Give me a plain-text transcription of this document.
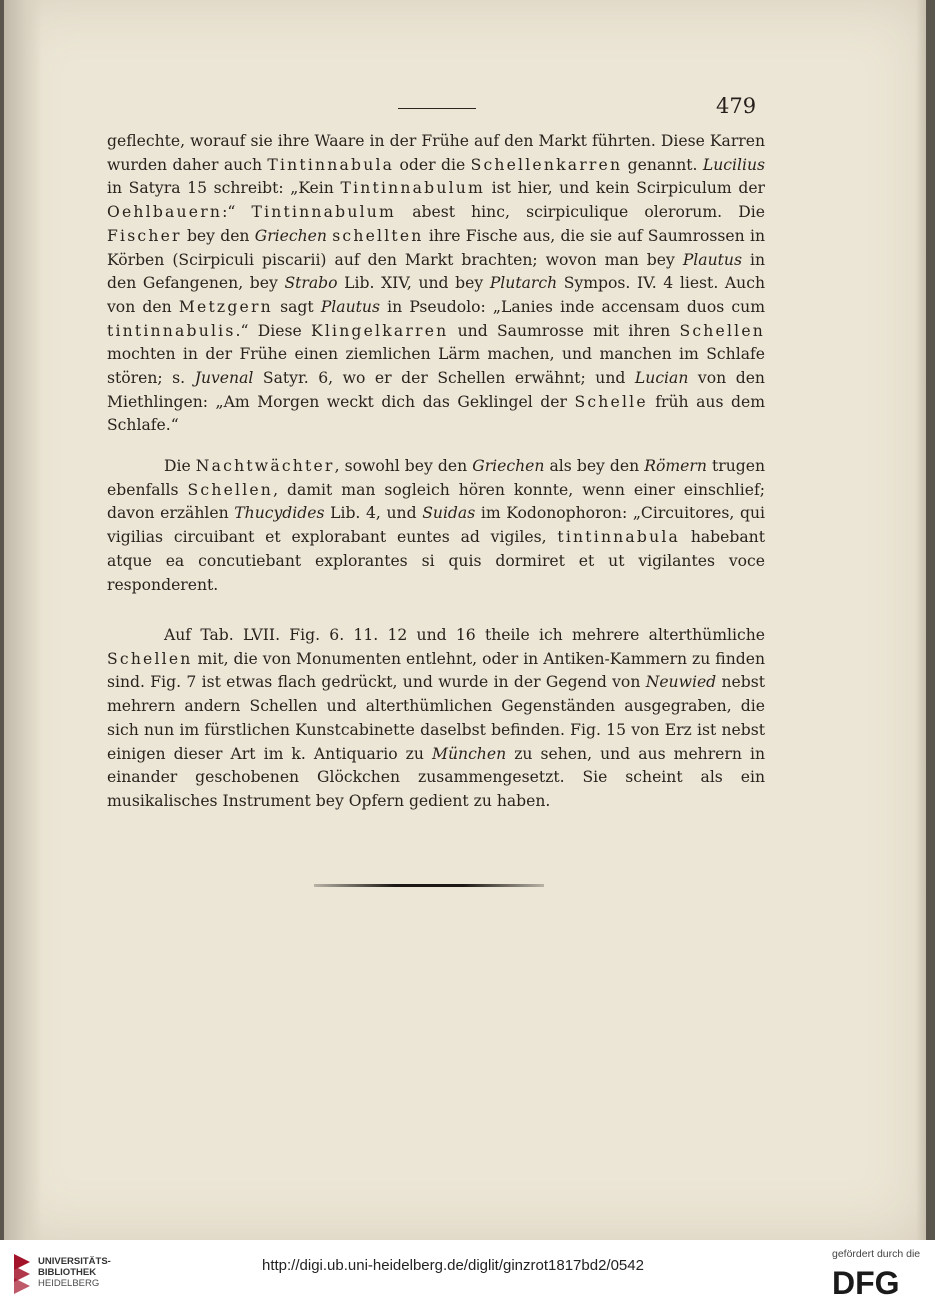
479
geflechte, worauf sie ihre Waare in der Frühe auf den Markt führten. Diese Karren wurden daher auch Tintinnabula oder die Schellenkarren genannt. Lucilius in Satyra 15 schreibt: „Kein Tintinnabulum ist hier, und kein Scirpiculum der Oehlbauern:“ Tintinnabulum abest hinc, scirpiculique olerorum. Die Fischer bey den Griechen schellten ihre Fische aus, die sie auf Saumrossen in Körben (Scirpiculi piscarii) auf den Markt brachten; wovon man bey Plautus in den Gefangenen, bey Strabo Lib. XIV, und bey Plutarch Sympos. IV. 4 liest. Auch von den Metzgern sagt Plautus in Pseudolo: „Lanies inde accensam duos cum tintinnabulis.“ Diese Klingelkarren und Saumrosse mit ihren Schellen mochten in der Frühe einen ziemlichen Lärm machen, und manchen im Schlafe stören; s. Juvenal Satyr. 6, wo er der Schellen erwähnt; und Lucian von den Miethlingen: „Am Morgen weckt dich das Geklingel der Schelle früh aus dem Schlafe.“
Die Nachtwächter, sowohl bey den Griechen als bey den Römern trugen ebenfalls Schellen, damit man sogleich hören konnte, wenn einer einschlief; davon erzählen Thucydides Lib. 4, und Suidas im Kodonophoron: „Circuitores, qui vigilias circuibant et explorabant euntes ad vigiles, tintinnabula habebant atque ea concutiebant explorantes si quis dormiret et ut vigilantes voce responderent.
Auf Tab. LVII. Fig. 6. 11. 12 und 16 theile ich mehrere alterthümliche Schellen mit, die von Monumenten entlehnt, oder in Antiken-Kammern zu finden sind. Fig. 7 ist etwas flach gedrückt, und wurde in der Gegend von Neuwied nebst mehrern andern Schellen und alterthümlichen Gegenständen ausgegraben, die sich nun im fürstlichen Kunstcabinette daselbst befinden. Fig. 15 von Erz ist nebst einigen dieser Art im k. Antiquario zu München zu sehen, und aus mehrern in einander geschobenen Glöckchen zusammengesetzt. Sie scheint als ein musikalisches Instrument bey Opfern gedient zu haben.
UNIVERSITÄTS-
BIBLIOTHEK
HEIDELBERG
http://digi.ub.uni-heidelberg.de/diglit/ginzrot1817bd2/0542
gefördert durch die
DFG
